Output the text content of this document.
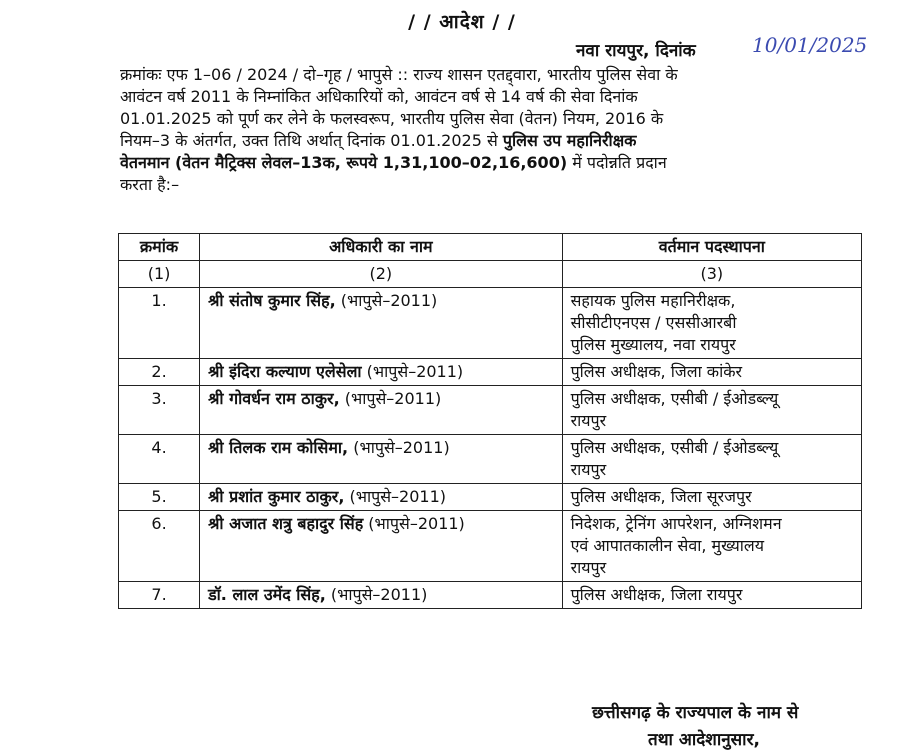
/ / आदेश / /
नवा रायपुर, दिनांक	10/01/2025
क्रमांकः एफ 1–06 / 2024 / दो–गृह / भापुसे :: राज्य शासन एतद्द्वारा, भारतीय पुलिस सेवा के
आवंटन वर्ष 2011 के निम्नांकित अधिकारियों को, आवंटन वर्ष से 14 वर्ष की सेवा दिनांक
01.01.2025 को पूर्ण कर लेने के फलस्वरूप, भारतीय पुलिस सेवा (वेतन) नियम, 2016 के
नियम–3 के अंतर्गत, उक्त तिथि अर्थात् दिनांक 01.01.2025 से पुलिस उप महानिरीक्षक
वेतनमान (वेतन मैट्रिक्स लेवल–13क, रूपये 1,31,100–02,16,600) में पदोन्नति प्रदान
करता है:–
क्रमांक	अधिकारी का नाम	वर्तमान पदस्थापना
(1)	(2)	(3)
1.	श्री संतोष कुमार सिंह, (भापुसे–2011)	सहायक पुलिस महानिरीक्षक,
सीसीटीएनएस / एससीआरबी
पुलिस मुख्यालय, नवा रायपुर

2.	श्री इंदिरा कल्याण एलेसेला (भापुसे–2011)	पुलिस अधीक्षक, जिला कांकेर

3.	श्री गोवर्धन राम ठाकुर, (भापुसे–2011)	पुलिस अधीक्षक, एसीबी / ईओडब्ल्यू
रायपुर

4.	श्री तिलक राम कोसिमा, (भापुसे–2011)	पुलिस अधीक्षक, एसीबी / ईओडब्ल्यू
रायपुर

5.	श्री प्रशांत कुमार ठाकुर, (भापुसे–2011)	पुलिस अधीक्षक, जिला सूरजपुर

6.	श्री अजात शत्रु बहादुर सिंह (भापुसे–2011)	निदेशक, ट्रेनिंग आपरेशन, अग्निशमन
एवं आपातकालीन सेवा, मुख्यालय
रायपुर

7.	डॉ. लाल उमेंद सिंह, (भापुसे–2011)	पुलिस अधीक्षक, जिला रायपुर
छत्तीसगढ़ के राज्यपाल के नाम से
तथा आदेशानुसार,
